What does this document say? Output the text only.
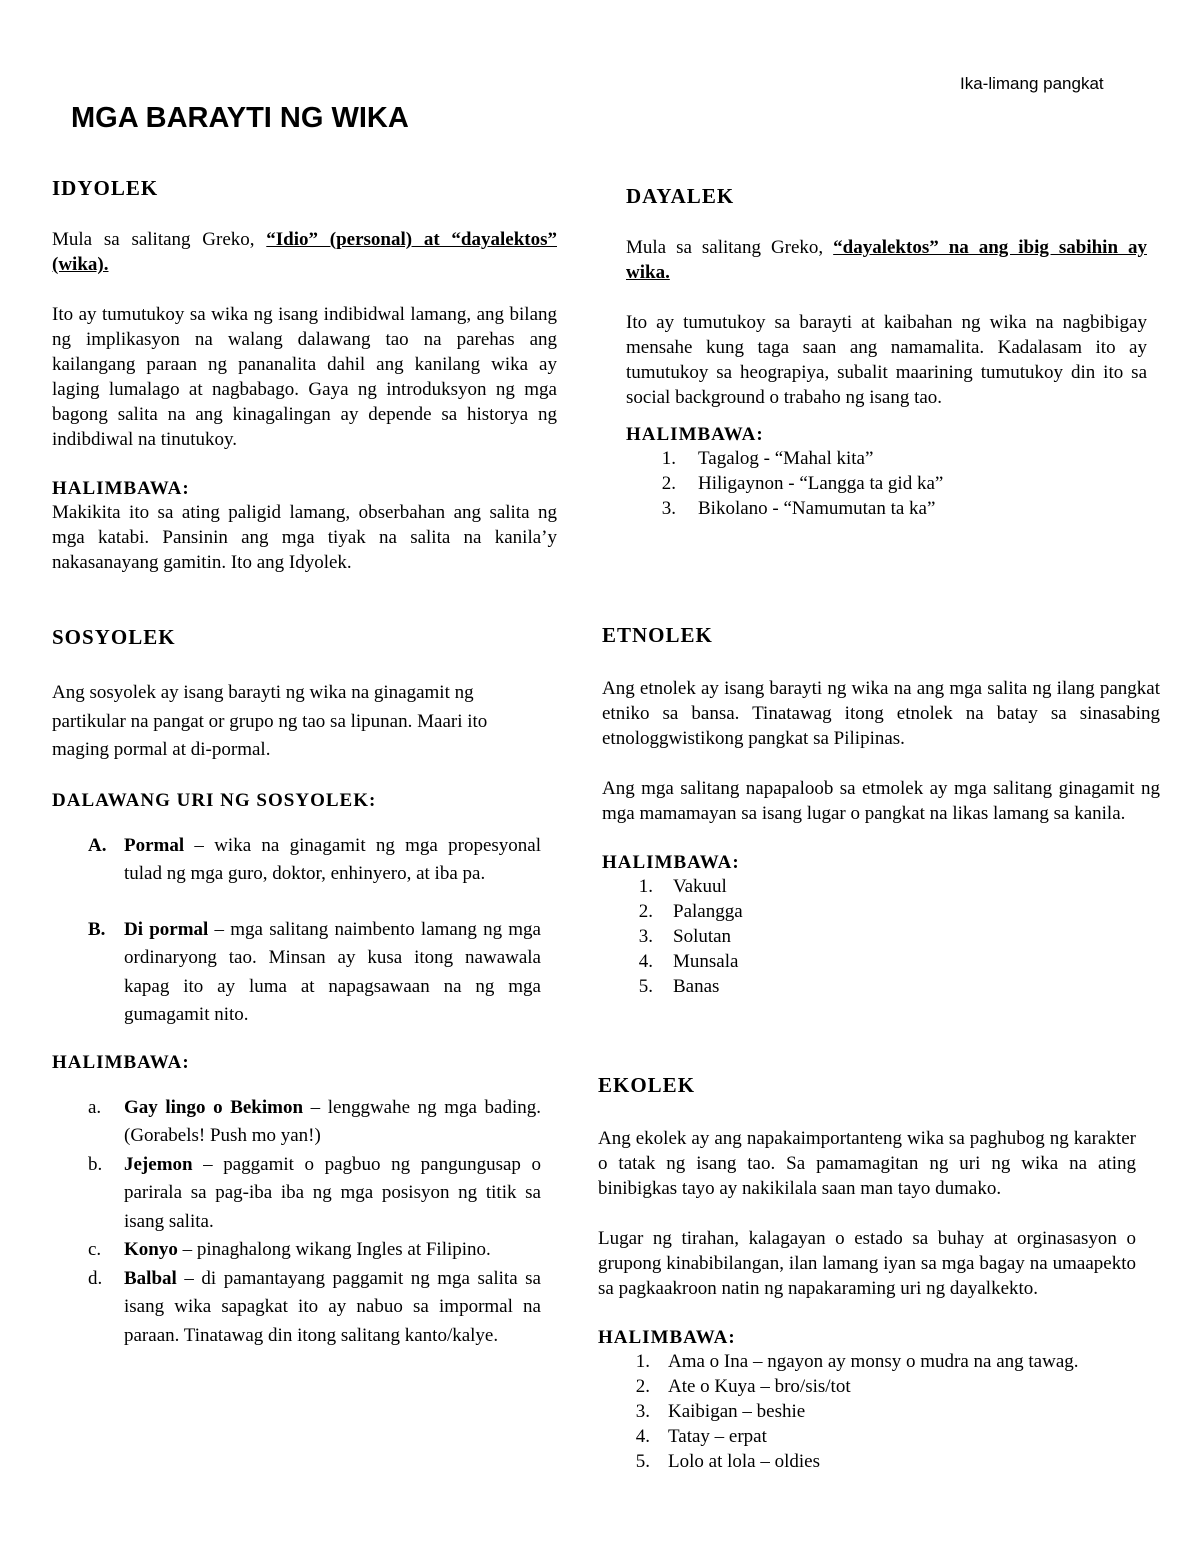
Ika-limang pangkat
MGA BARAYTI NG WIKA
IDYOLEK
Mula sa salitang Greko, “Idio” (personal) at “dayalektos” (wika).
Ito ay tumutukoy sa wika ng isang indibidwal lamang, ang bilang ng implikasyon na walang dalawang tao na parehas ang kailangang paraan ng pananalita dahil ang kanilang wika ay laging lumalago at nagbabago. Gaya ng introduksyon ng mga bagong salita na ang kinagalingan ay depende sa historya ng indibdiwal na tinutukoy.
HALIMBAWA:
Makikita ito sa ating paligid lamang, obserbahan ang salita ng mga katabi. Pansinin ang mga tiyak na salita na kanila’y nakasanayang gamitin. Ito ang Idyolek.
DAYALEK
Mula sa salitang Greko, “dayalektos” na ang ibig sabihin ay wika.
Ito ay tumutukoy sa barayti at kaibahan ng wika na nagbibigay mensahe kung taga saan ang namamalita. Kadalasam ito ay tumutukoy sa heograpiya, subalit maarining tumutukoy din ito sa social background o trabaho ng isang tao.
HALIMBAWA:
1. Tagalog - “Mahal kita”
2. Hiligaynon - “Langga ta gid ka”
3. Bikolano - “Namumutan ta ka”
SOSYOLEK
Ang sosyolek ay isang barayti ng wika na ginagamit ng partikular na pangat or grupo ng tao sa lipunan. Maari ito maging pormal at di-pormal.
DALAWANG URI NG SOSYOLEK:
A. Pormal – wika na ginagamit ng mga propesyonal tulad ng mga guro, doktor, enhinyero, at iba pa.
B. Di pormal – mga salitang naimbento lamang ng mga ordinaryong tao. Minsan ay kusa itong nawawala kapag ito ay luma at napagsawaan na ng mga gumagamit nito.
HALIMBAWA:
a. Gay lingo o Bekimon – lenggwahe ng mga bading. (Gorabels! Push mo yan!)
b. Jejemon – paggamit o pagbuo ng pangungusap o parirala sa pag-iba iba ng mga posisyon ng titik sa isang salita.
c. Konyo – pinaghalong wikang Ingles at Filipino.
d. Balbal – di pamantayang paggamit ng mga salita sa isang wika sapagkat ito ay nabuo sa impormal na paraan. Tinatawag din itong salitang kanto/kalye.
ETNOLEK
Ang etnolek ay isang barayti ng wika na ang mga salita ng ilang pangkat etniko sa bansa. Tinatawag itong etnolek na batay sa sinasabing etnologgwistikong pangkat sa Pilipinas.
Ang mga salitang napapaloob sa etmolek ay mga salitang ginagamit ng mga mamamayan sa isang lugar o pangkat na likas lamang sa kanila.
HALIMBAWA:
1. Vakuul
2. Palangga
3. Solutan
4. Munsala
5. Banas
EKOLEK
Ang ekolek ay ang napakaimportanteng wika sa paghubog ng karakter o tatak ng isang tao. Sa pamamagitan ng uri ng wika na ating binibigkas tayo ay nakikilala saan man tayo dumako.
Lugar ng tirahan, kalagayan o estado sa buhay at orginasasyon o grupong kinabibilangan, ilan lamang iyan sa mga bagay na umaapekto sa pagkaakroon natin ng napakaraming uri ng dayalkekto.
HALIMBAWA:
1. Ama o Ina – ngayon ay monsy o mudra na ang tawag.
2. Ate o Kuya – bro/sis/tot
3. Kaibigan – beshie
4. Tatay – erpat
5. Lolo at lola – oldies
